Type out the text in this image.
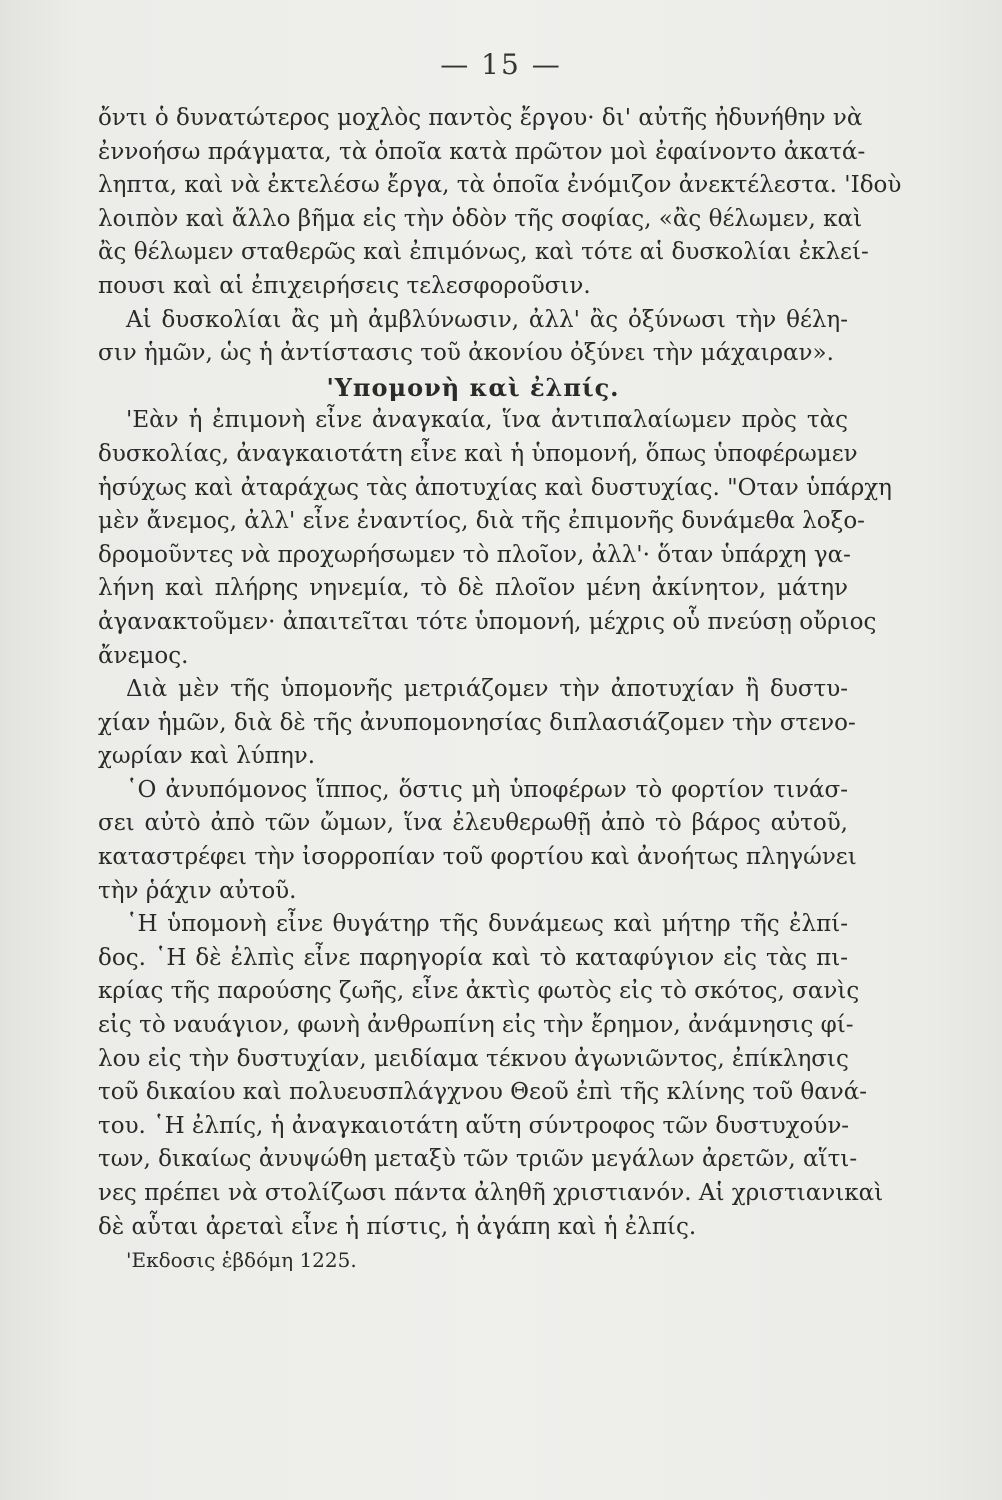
— 15 —
ὄντι ὁ δυνατώτερος μοχλὸς παντὸς ἔργου· δι' αὐτῆς ἠδυνήθην νὰ
ἐννοήσω πράγματα, τὰ ὁποῖα κατὰ πρῶτον μοὶ ἐφαίνοντο ἀκατά-
ληπτα, καὶ νὰ ἐκτελέσω ἔργα, τὰ ὁποῖα ἐνόμιζον ἀνεκτέλεστα. 'Ιδοὺ
λοιπὸν καὶ ἄλλο βῆμα εἰς τὴν ὁδὸν τῆς σοφίας, «ἂς θέλωμεν, καὶ
ἂς θέλωμεν σταθερῶς καὶ ἐπιμόνως, καὶ τότε αἱ δυσκολίαι ἐκλεί-
πουσι καὶ αἱ ἐπιχειρήσεις τελεσφοροῦσιν.
Αἱ δυσκολίαι ἂς μὴ ἀμβλύνωσιν, ἀλλ' ἂς ὀξύνωσι τὴν θέλη-
σιν ἡμῶν, ὡς ἡ ἀντίστασις τοῦ ἀκονίου ὀξύνει τὴν μάχαιραν».
'Υπομονὴ καὶ ἐλπίς.
'Εὰν ἡ ἐπιμονὴ εἶνε ἀναγκαία, ἵνα ἀντιπαλαίωμεν πρὸς τὰς
δυσκολίας, ἀναγκαιοτάτη εἶνε καὶ ἡ ὑπομονή, ὅπως ὑποφέρωμεν
ἡσύχως καὶ ἀταράχως τὰς ἀποτυχίας καὶ δυστυχίας. "Οταν ὑπάρχη
μὲν ἄνεμος, ἀλλ' εἶνε ἐναντίος, διὰ τῆς ἐπιμονῆς δυνάμεθα λοξο-
δρομοῦντες νὰ προχωρήσωμεν τὸ πλοῖον, ἀλλ'· ὅταν ὑπάρχη γα-
λήνη καὶ πλήρης νηνεμία, τὸ δὲ πλοῖον μένη ἀκίνητον, μάτην
ἀγανακτοῦμεν· ἀπαιτεῖται τότε ὑπομονή, μέχρις οὗ πνεύσῃ οὔριος
ἄνεμος.
Διὰ μὲν τῆς ὑπομονῆς μετριάζομεν τὴν ἀποτυχίαν ἢ δυστυ-
χίαν ἡμῶν, διὰ δὲ τῆς ἀνυπομονησίας διπλασιάζομεν τὴν στενο-
χωρίαν καὶ λύπην.
῾Ο ἀνυπόμονος ἵππος, ὅστις μὴ ὑποφέρων τὸ φορτίον τινάσ-
σει αὐτὸ ἀπὸ τῶν ὤμων, ἵνα ἐλευθερωθῇ ἀπὸ τὸ βάρος αὐτοῦ,
καταστρέφει τὴν ἰσορροπίαν τοῦ φορτίου καὶ ἀνοήτως πληγώνει
τὴν ῥάχιν αὐτοῦ.
῾Η ὑπομονὴ εἶνε θυγάτηρ τῆς δυνάμεως καὶ μήτηρ τῆς ἐλπί-
δος. ῾Η δὲ ἐλπὶς εἶνε παρηγορία καὶ τὸ καταφύγιον εἰς τὰς πι-
κρίας τῆς παρούσης ζωῆς, εἶνε ἀκτὶς φωτὸς εἰς τὸ σκότος, σανὶς
εἰς τὸ ναυάγιον, φωνὴ ἀνθρωπίνη εἰς τὴν ἔρημον, ἀνάμνησις φί-
λου εἰς τὴν δυστυχίαν, μειδίαμα τέκνου ἀγωνιῶντος, ἐπίκλησις
τοῦ δικαίου καὶ πολυευσπλάγχνου Θεοῦ ἐπὶ τῆς κλίνης τοῦ θανά-
του. ῾Η ἐλπίς, ἡ ἀναγκαιοτάτη αὕτη σύντροφος τῶν δυστυχούν-
των, δικαίως ἀνυψώθη μεταξὺ τῶν τριῶν μεγάλων ἀρετῶν, αἵτι-
νες πρέπει νὰ στολίζωσι πάντα ἀληθῆ χριστιανόν. Αἱ χριστιανικαὶ
δὲ αὗται ἀρεταὶ εἶνε ἡ πίστις, ἡ ἀγάπη καὶ ἡ ἐλπίς.
'Εκδοσις ἑβδόμη 1225.
